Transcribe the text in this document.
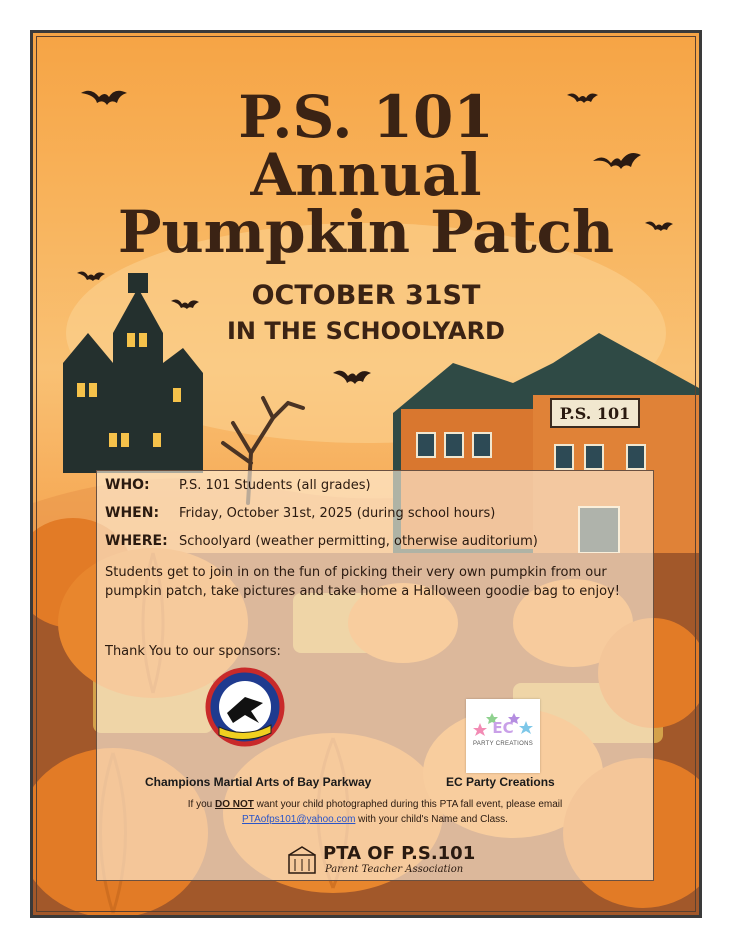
P.S. 101
P.S. 101
Annual
Pumpkin Patch
OCTOBER 31ST
IN THE SCHOOLYARD
WHO: P.S. 101 Students (all grades)
WHEN: Friday, October 31st, 2025 (during school hours)
WHERE: Schoolyard (weather permitting, otherwise auditorium)
Students get to join in on the fun of picking their very own pumpkin from our pumpkin patch, take pictures and take home a Halloween goodie bag to enjoy!
Thank You to our sponsors:
Champions Martial Arts of Bay Parkway
EC
PARTY CREATIONS
EC Party Creations
If you DO NOT want your child photographed during this PTA fall event, please email
PTAofps101@yahoo.com with your child's Name and Class.
PTA OF P.S.101
Parent Teacher Association
